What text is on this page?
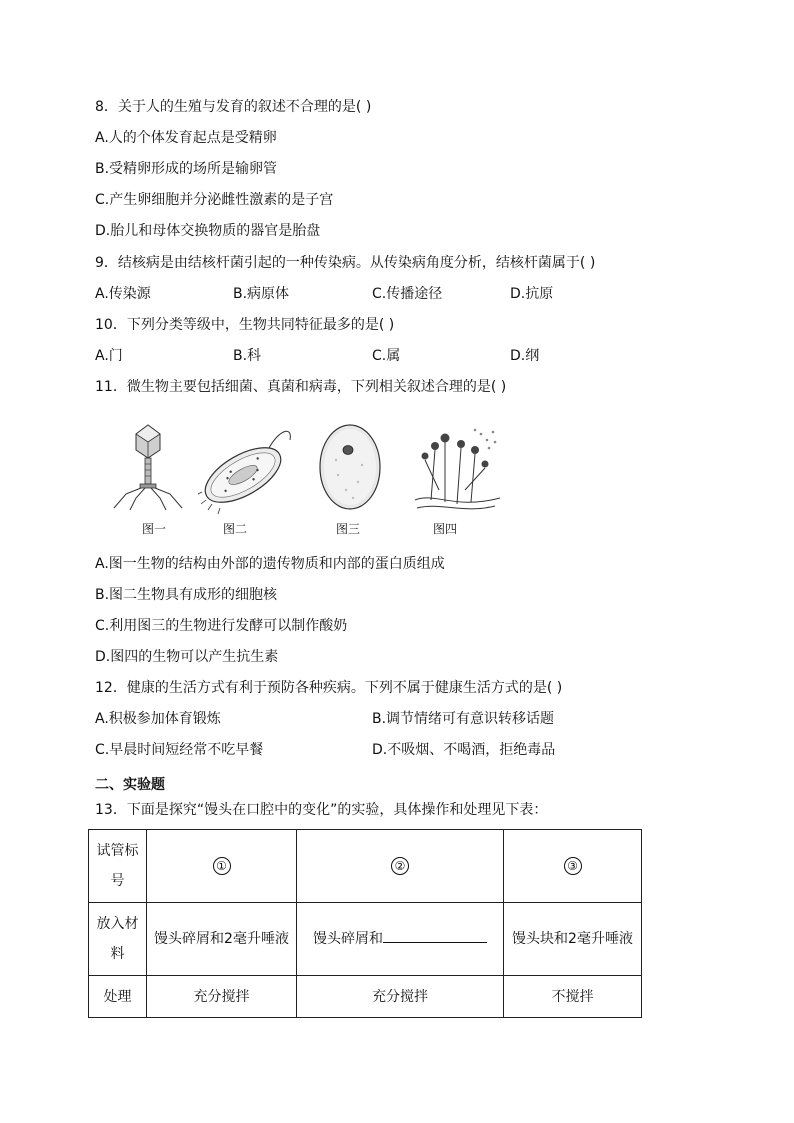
8．关于人的生殖与发育的叙述不合理的是( )
A.人的个体发育起点是受精卵
B.受精卵形成的场所是输卵管
C.产生卵细胞并分泌雌性激素的是子宫
D.胎儿和母体交换物质的器官是胎盘
9．结核病是由结核杆菌引起的一种传染病。从传染病角度分析，结核杆菌属于( )
A.传染源	B.病原体	C.传播途径	D.抗原
10．下列分类等级中，生物共同特征最多的是( )
A.门	B.科	C.属	D.纲
11．微生物主要包括细菌、真菌和病毒，下列相关叙述合理的是( )
图一	图二	图三	图四
A.图一生物的结构由外部的遗传物质和内部的蛋白质组成
B.图二生物具有成形的细胞核
C.利用图三的生物进行发酵可以制作酸奶
D.图四的生物可以产生抗生素
12．健康的生活方式有利于预防各种疾病。下列不属于健康生活方式的是( )
A.积极参加体育锻炼	B.调节情绪可有意识转移话题
C.早晨时间短经常不吃早餐	D.不吸烟、不喝酒，拒绝毒品
二、实验题
13．下面是探究“馒头在口腔中的变化”的实验，具体操作和处理见下表：
试管标号	①	②	③
放入材料	馒头碎屑和2毫升唾液	馒头碎屑和	馒头块和2毫升唾液
处理	充分搅拌	充分搅拌	不搅拌
